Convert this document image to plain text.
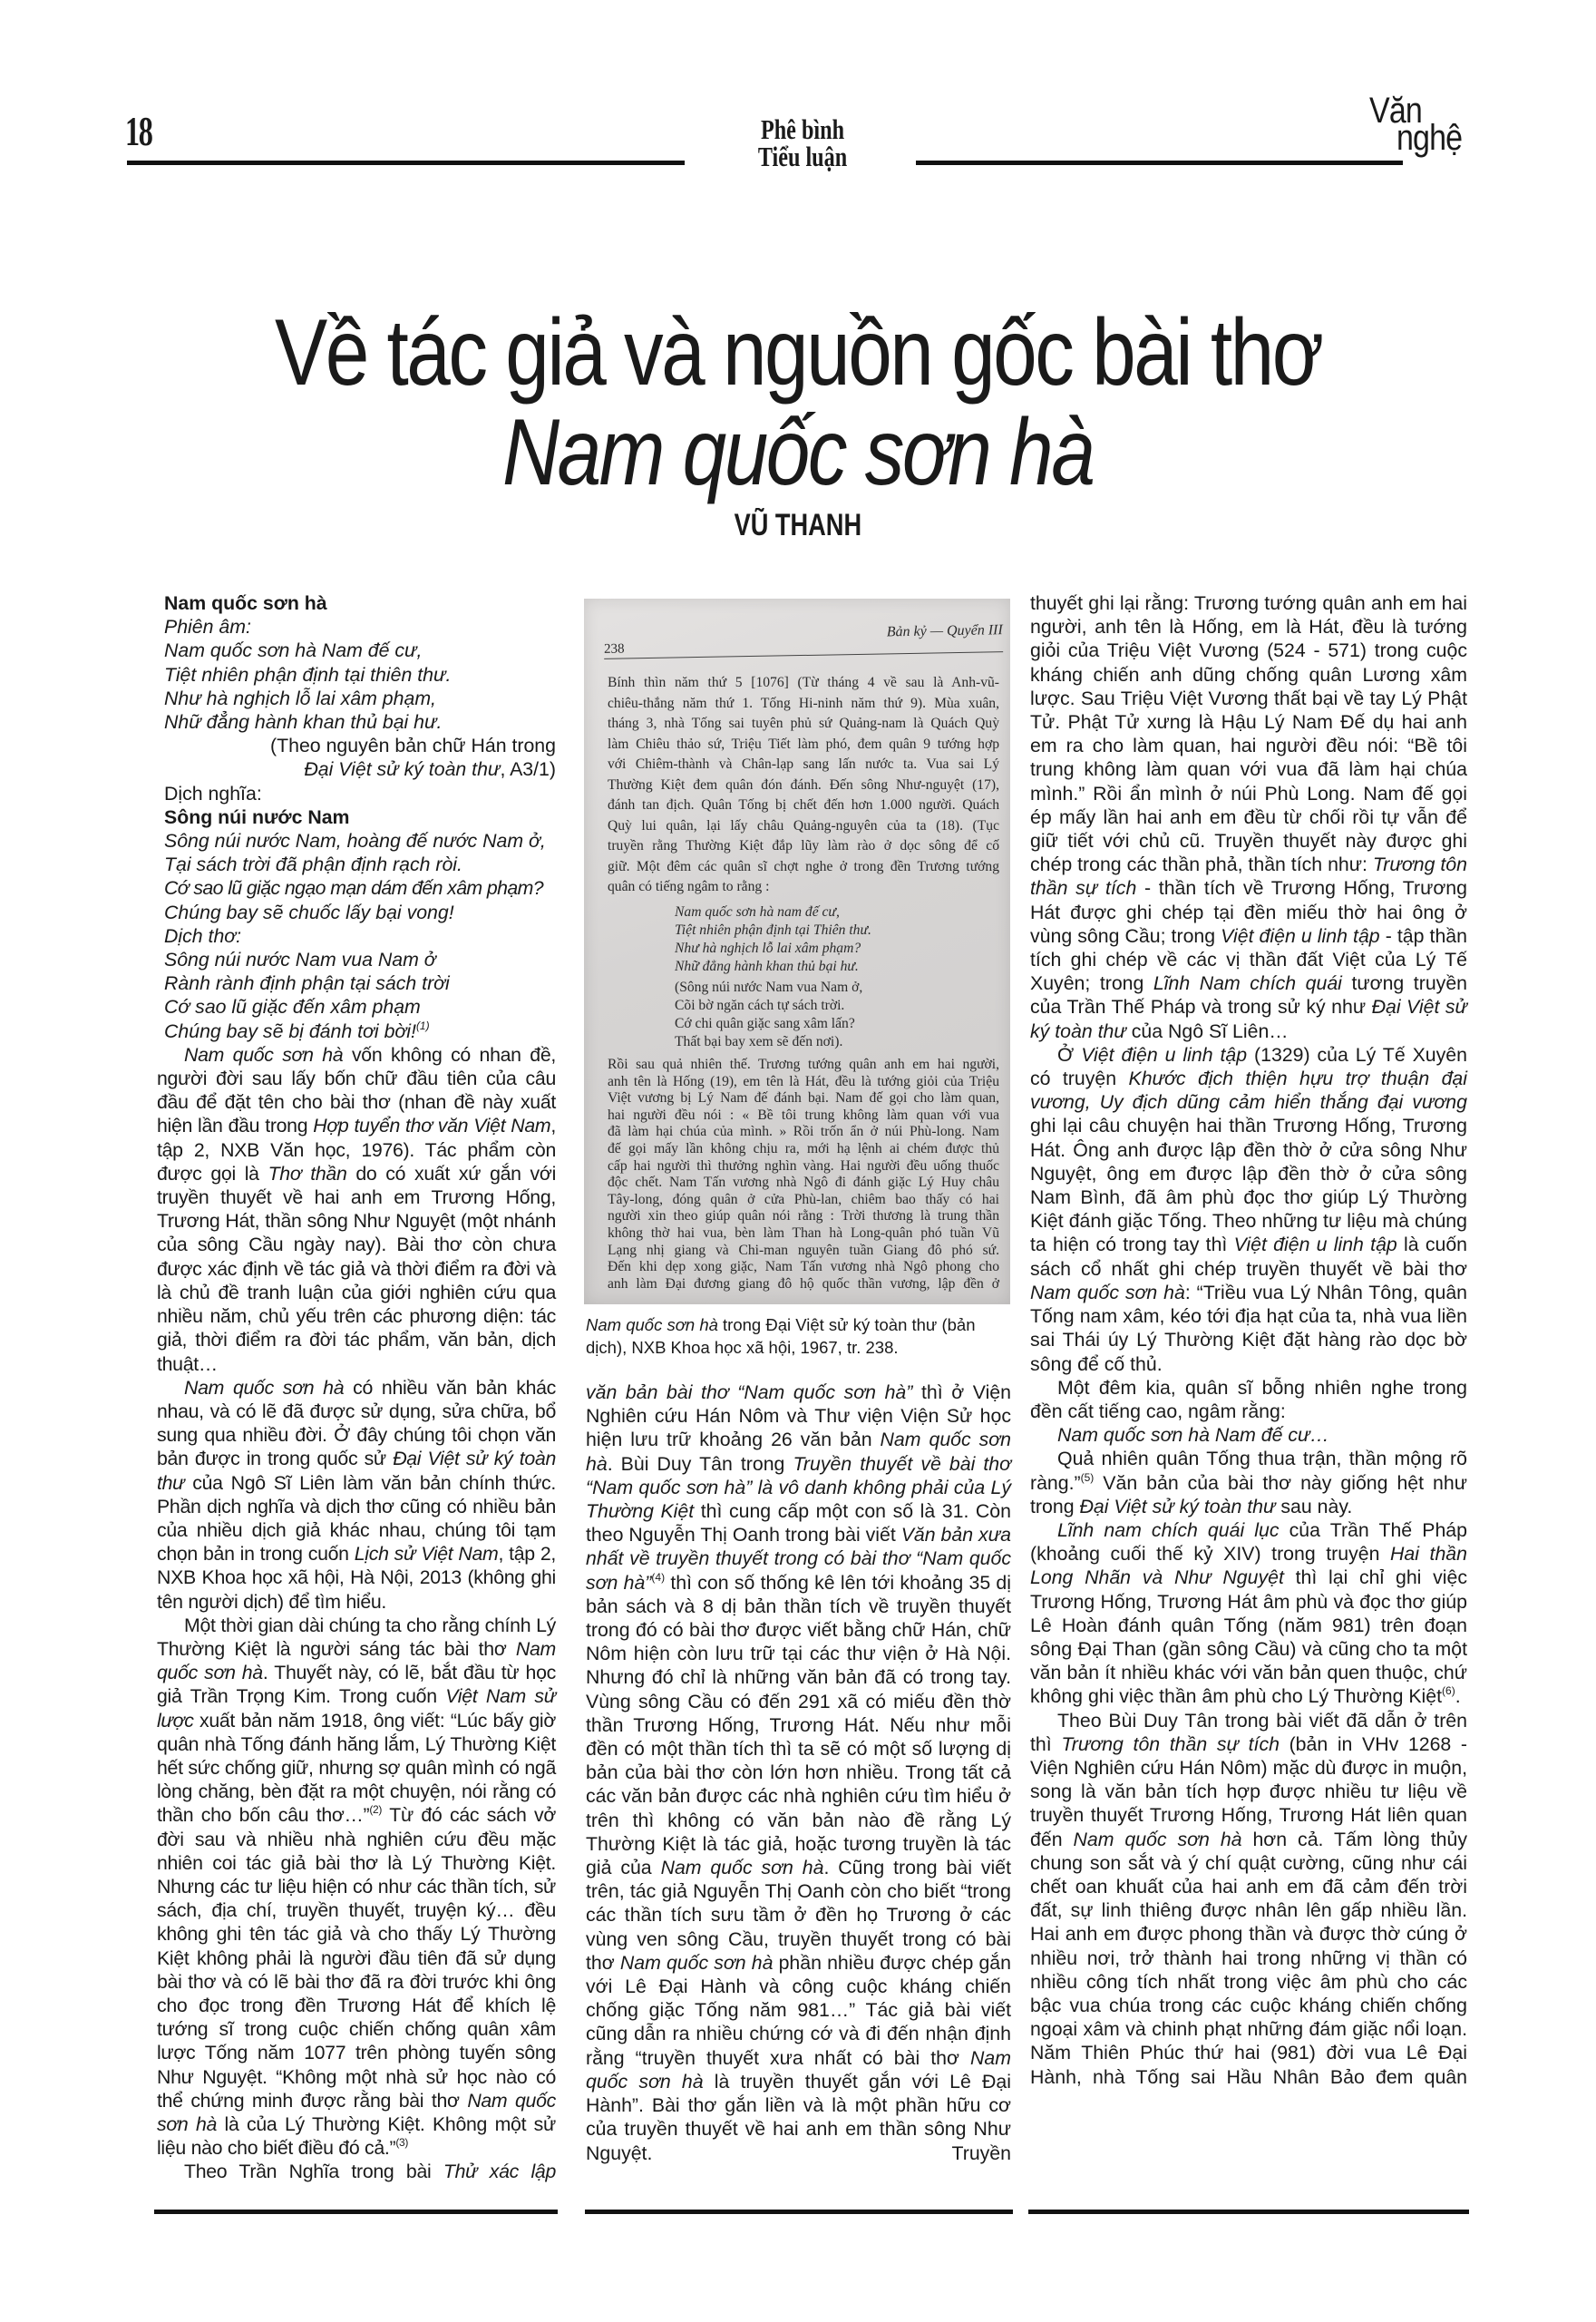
18	Phê bình
Tiểu luận
Văn
nghệ
Về tác giả và nguồn gốc bài thơ
Nam quốc sơn hà
VŨ THANH
Nam quốc sơn hà
Phiên âm:
Nam quốc sơn hà Nam đế cư,
Tiệt nhiên phận định tại thiên thư.
Như hà nghịch lỗ lai xâm phạm,
Nhữ đẳng hành khan thủ bại hư.
(Theo nguyên bản chữ Hán trong
Đại Việt sử ký toàn thư, A3/1)
Dịch nghĩa:
Sông núi nước Nam
Sông núi nước Nam, hoàng đế nước Nam ở,
Tại sách trời đã phận định rạch ròi.
Cớ sao lũ giặc ngạo mạn dám đến xâm phạm?
Chúng bay sẽ chuốc lấy bại vong!
Dịch thơ:
Sông núi nước Nam vua Nam ở
Rành rành định phận tại sách trời
Cớ sao lũ giặc đến xâm phạm
Chúng bay sẽ bị đánh tơi bời!$^{(1)}$

Nam quốc sơn hà vốn không có nhan đề, người đời sau lấy bốn chữ đầu tiên của câu đầu để đặt tên cho bài thơ (nhan đề này xuất hiện lần đầu trong Hợp tuyển thơ văn Việt Nam, tập 2, NXB Văn học, 1976). Tác phẩm còn được gọi là Thơ thần do có xuất xứ gắn với truyền thuyết về hai anh em Trương Hống, Trương Hát, thần sông Như Nguyệt (một nhánh của sông Cầu ngày nay). Bài thơ còn chưa được xác định về tác giả và thời điểm ra đời và là chủ đề tranh luận của giới nghiên cứu qua nhiều năm, chủ yếu trên các phương diện: tác giả, thời điểm ra đời tác phẩm, văn bản, dịch thuật…

Nam quốc sơn hà có nhiều văn bản khác nhau, và có lẽ đã được sử dụng, sửa chữa, bổ sung qua nhiều đời. Ở đây chúng tôi chọn văn bản được in trong quốc sử Đại Việt sử ký toàn thư của Ngô Sĩ Liên làm văn bản chính thức. Phần dịch nghĩa và dịch thơ cũng có nhiều bản của nhiều dịch giả khác nhau, chúng tôi tạm chọn bản in trong cuốn Lịch sử Việt Nam, tập 2, NXB Khoa học xã hội, Hà Nội, 2013 (không ghi tên người dịch) để tìm hiểu.

Một thời gian dài chúng ta cho rằng chính Lý Thường Kiệt là người sáng tác bài thơ Nam quốc sơn hà. Thuyết này, có lẽ, bắt đầu từ học giả Trần Trọng Kim. Trong cuốn Việt Nam sử lược xuất bản năm 1918, ông viết: “Lúc bấy giờ quân nhà Tống đánh hăng lắm, Lý Thường Kiệt hết sức chống giữ, nhưng sợ quân mình có ngã lòng chăng, bèn đặt ra một chuyện, nói rằng có thần cho bốn câu thơ…”$^{(2)}$ Từ đó các sách vở đời sau và nhiều nhà nghiên cứu đều mặc nhiên coi tác giả bài thơ là Lý Thường Kiệt. Nhưng các tư liệu hiện có như các thần tích, sử sách, địa chí, truyền thuyết, truyện ký… đều không ghi tên tác giả và cho thấy Lý Thường Kiệt không phải là người đầu tiên đã sử dụng bài thơ và có lẽ bài thơ đã ra đời trước khi ông cho đọc trong đền Trương Hát để khích lệ tướng sĩ trong cuộc chiến chống quân xâm lược Tống năm 1077 trên phòng tuyến sông Như Nguyệt. “Không một nhà sử học nào có thể chứng minh được rằng bài thơ Nam quốc sơn hà là của Lý Thường Kiệt. Không một sử liệu nào cho biết điều đó cả.”$^{(3)}$

Theo Trần Nghĩa trong bài Thử xác lập

238
Bản kỷ — Quyển III
Bính thìn năm thứ 5 [1076] (Từ tháng 4 về sau là Anh-vũ-
chiêu-thắng năm thứ 1. Tống Hi-ninh năm thứ 9). Mùa xuân,
tháng 3, nhà Tống sai tuyên phủ sứ Quảng-nam là Quách Quỳ
làm Chiêu thảo sứ, Triệu Tiết làm phó, đem quân 9 tướng hợp
với Chiêm-thành và Chân-lạp sang lấn nước ta. Vua sai Lý
Thường Kiệt đem quân đón đánh. Đến sông Như-nguyệt (17),
đánh tan địch. Quân Tống bị chết đến hơn 1.000 người. Quách
Quỳ lui quân, lại lấy châu Quảng-nguyên của ta (18). (Tục
truyền rằng Thường Kiệt đắp lũy làm rào ở dọc sông để cố
giữ. Một đêm các quân sĩ chợt nghe ở trong đền Trương tướng
quân có tiếng ngâm to rằng :
Nam quốc sơn hà nam đế cư,
Tiệt nhiên phận định tại Thiên thư.
Như hà nghịch lỗ lai xâm phạm?
Nhữ đẳng hành khan thủ bại hư.
(Sông núi nước Nam vua Nam ở,
Cõi bờ ngăn cách tự sách trời.
Cớ chi quân giặc sang xâm lấn?
Thất bại bay xem sẽ đến nơi).
Rồi sau quả nhiên thế. Trương tướng quân anh em hai người,
anh tên là Hống (19), em tên là Hát, đều là tướng giỏi của Triệu
Việt vương bị Lý Nam đế đánh bại. Nam đế gọi cho làm quan,
hai người đều nói : « Bề tôi trung không làm quan với vua
đã làm hại chúa của mình. » Rồi trốn ẩn ở núi Phù-long. Nam
đế gọi mấy lần không chịu ra, mới hạ lệnh ai chém được thủ
cấp hai người thì thưởng nghìn vàng. Hai người đều uống thuốc
độc chết. Nam Tấn vương nhà Ngô đi đánh giặc Lý Huy châu
Tây-long, đóng quân ở cửa Phù-lan, chiêm bao thấy có hai
người xin theo giúp quân nói rằng : Trời thương là trung thần
không thờ hai vua, bèn làm Than hà Long-quân phó tuần Vũ
Lạng nhị giang và Chi-man nguyên tuần Giang đô phó sứ.
Đến khi dẹp xong giặc, Nam Tấn vương nhà Ngô phong cho
anh làm Đại đương giang đô hộ quốc thần vương, lập đền ở
Nam quốc sơn hà trong Đại Việt sử ký toàn thư (bản dịch), NXB Khoa học xã hội, 1967, tr. 238.

văn bản bài thơ “Nam quốc sơn hà” thì ở Viện Nghiên cứu Hán Nôm và Thư viện Viện Sử học hiện lưu trữ khoảng 26 văn bản Nam quốc sơn hà. Bùi Duy Tân trong Truyền thuyết về bài thơ “Nam quốc sơn hà” là vô danh không phải của Lý Thường Kiệt thì cung cấp một con số là 31. Còn theo Nguyễn Thị Oanh trong bài viết Văn bản xưa nhất về truyền thuyết trong có bài thơ “Nam quốc sơn hà”$^{(4)}$ thì con số thống kê lên tới khoảng 35 dị bản sách và 8 dị bản thần tích về truyền thuyết trong đó có bài thơ được viết bằng chữ Hán, chữ Nôm hiện còn lưu trữ tại các thư viện ở Hà Nội. Nhưng đó chỉ là những văn bản đã có trong tay. Vùng sông Cầu có đến 291 xã có miếu đền thờ thần Trương Hống, Trương Hát. Nếu như mỗi đền có một thần tích thì ta sẽ có một số lượng dị bản của bài thơ còn lớn hơn nhiều. Trong tất cả các văn bản được các nhà nghiên cứu tìm hiểu ở trên thì không có văn bản nào đề rằng Lý Thường Kiệt là tác giả, hoặc tương truyền là tác giả của Nam quốc sơn hà. Cũng trong bài viết trên, tác giả Nguyễn Thị Oanh còn cho biết “trong các thần tích sưu tầm ở đền họ Trương ở các vùng ven sông Cầu, truyền thuyết trong có bài thơ Nam quốc sơn hà phần nhiều được chép gắn với Lê Đại Hành và công cuộc kháng chiến chống giặc Tống năm 981…” Tác giả bài viết cũng dẫn ra nhiều chứng cớ và đi đến nhận định rằng “truyền thuyết xưa nhất có bài thơ Nam quốc sơn hà là truyền thuyết gắn với Lê Đại Hành”. Bài thơ gắn liền và là một phần hữu cơ của truyền thuyết về hai anh em thần sông Như Nguyệt. Truyền

thuyết ghi lại rằng: Trương tướng quân anh em hai người, anh tên là Hống, em là Hát, đều là tướng giỏi của Triệu Việt Vương (524 - 571) trong cuộc kháng chiến anh dũng chống quân Lương xâm lược. Sau Triệu Việt Vương thất bại về tay Lý Phật Tử. Phật Tử xưng là Hậu Lý Nam Đế dụ hai anh em ra cho làm quan, hai người đều nói: “Bề tôi trung không làm quan với vua đã làm hại chúa mình.” Rồi ẩn mình ở núi Phù Long. Nam đế gọi ép mấy lần hai anh em đều từ chối rồi tự vẫn để giữ tiết với chủ cũ. Truyền thuyết này được ghi chép trong các thần phả, thần tích như: Trương tôn thần sự tích - thần tích về Trương Hống, Trương Hát được ghi chép tại đền miếu thờ hai ông ở vùng sông Cầu; trong Việt điện u linh tập - tập thần tích ghi chép về các vị thần đất Việt của Lý Tế Xuyên; trong Lĩnh Nam chích quái tương truyền của Trần Thế Pháp và trong sử ký như Đại Việt sử ký toàn thư của Ngô Sĩ Liên…

Ở Việt điện u linh tập (1329) của Lý Tế Xuyên có truyện Khước địch thiện hựu trợ thuận đại vương, Uy địch dũng cảm hiển thắng đại vương ghi lại câu chuyện hai thần Trương Hống, Trương Hát. Ông anh được lập đền thờ ở cửa sông Như Nguyệt, ông em được lập đền thờ ở cửa sông Nam Bình, đã âm phù đọc thơ giúp Lý Thường Kiệt đánh giặc Tống. Theo những tư liệu mà chúng ta hiện có trong tay thì Việt điện u linh tập là cuốn sách cổ nhất ghi chép truyền thuyết về bài thơ Nam quốc sơn hà: “Triều vua Lý Nhân Tông, quân Tống nam xâm, kéo tới địa hạt của ta, nhà vua liền sai Thái úy Lý Thường Kiệt đặt hàng rào dọc bờ sông để cố thủ.

Một đêm kia, quân sĩ bỗng nhiên nghe trong đền cất tiếng cao, ngâm rằng:

Nam quốc sơn hà Nam đế cư…

Quả nhiên quân Tống thua trận, thần mộng rõ ràng.”$^{(5)}$ Văn bản của bài thơ này giống hệt như trong Đại Việt sử ký toàn thư sau này.

Lĩnh nam chích quái lục của Trần Thế Pháp (khoảng cuối thế kỷ XIV) trong truyện Hai thần Long Nhãn và Như Nguyệt thì lại chỉ ghi việc Trương Hống, Trương Hát âm phù và đọc thơ giúp Lê Hoàn đánh quân Tống (năm 981) trên đoạn sông Đại Than (gần sông Cầu) và cũng cho ta một văn bản ít nhiều khác với văn bản quen thuộc, chứ không ghi việc thần âm phù cho Lý Thường Kiệt$^{(6)}$.

Theo Bùi Duy Tân trong bài viết đã dẫn ở trên thì Trương tôn thần sự tích (bản in VHv 1268 - Viện Nghiên cứu Hán Nôm) mặc dù được in muộn, song là văn bản tích hợp được nhiều tư liệu về truyền thuyết Trương Hống, Trương Hát liên quan đến Nam quốc sơn hà hơn cả. Tấm lòng thủy chung son sắt và ý chí quật cường, cũng như cái chết oan khuất của hai anh em đã cảm đến trời đất, sự linh thiêng được nhân lên gấp nhiều lần. Hai anh em được phong thần và được thờ cúng ở nhiều nơi, trở thành hai trong những vị thần có nhiều công tích nhất trong việc âm phù cho các bậc vua chúa trong các cuộc kháng chiến chống ngoại xâm và chinh phạt những đám giặc nổi loạn. Năm Thiên Phúc thứ hai (981) đời vua Lê Đại Hành, nhà Tống sai Hầu Nhân Bảo đem quân
